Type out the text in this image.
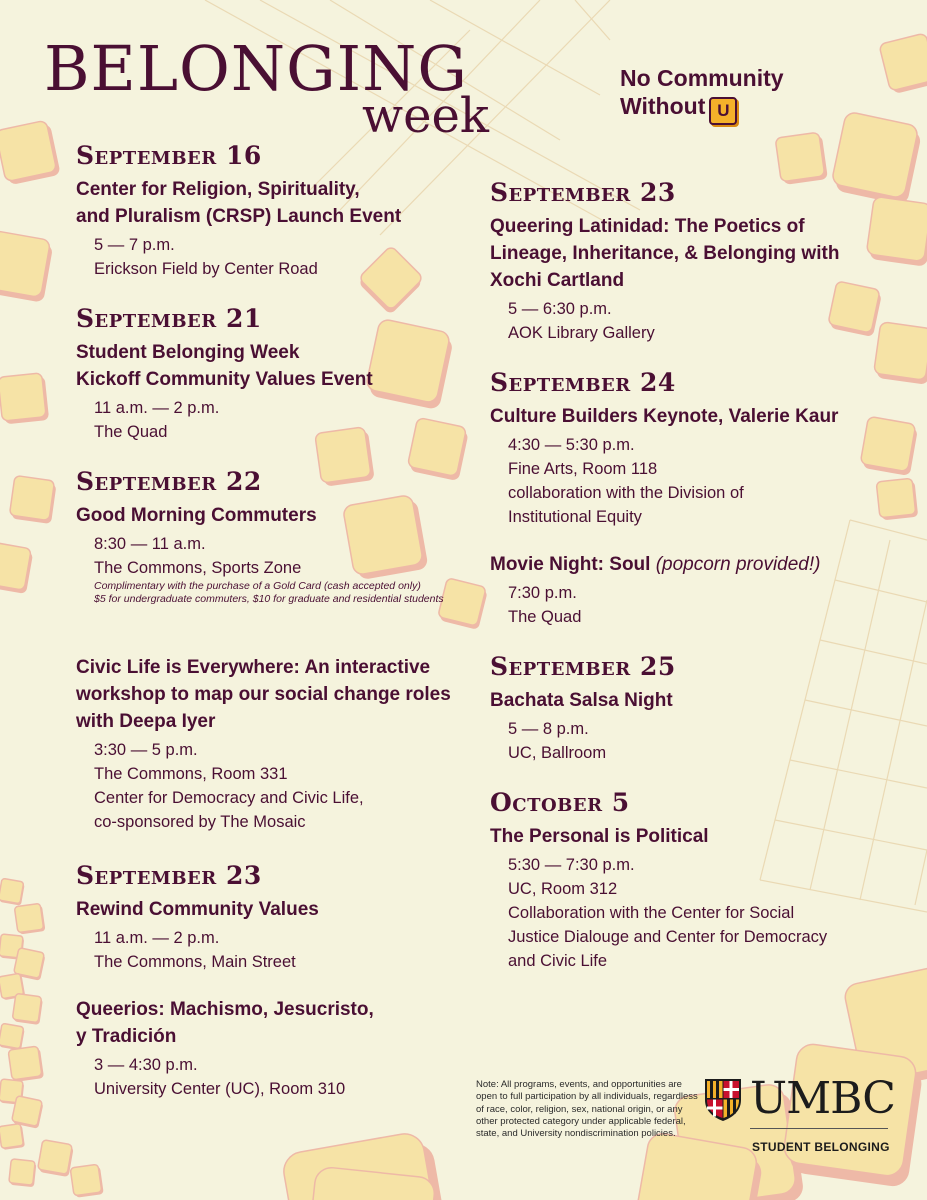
BELONGING
week
No Community
Without U
September 16
Center for Religion, Spirituality,
and Pluralism (CRSP) Launch Event
5 — 7 p.m.
Erickson Field by Center Road
September 21
Student Belonging Week
Kickoff Community Values Event
11 a.m. — 2 p.m.
The Quad
September 22
Good Morning Commuters
8:30 — 11 a.m.
The Commons, Sports Zone
Complimentary with the purchase of a Gold Card (cash accepted only)
$5 for undergraduate commuters, $10 for graduate and residential students
Civic Life is Everywhere: An interactive
workshop to map our social change roles
with Deepa Iyer
3:30 — 5 p.m.
The Commons, Room 331
Center for Democracy and Civic Life,
co-sponsored by The Mosaic
September 23
Rewind Community Values
11 a.m. — 2 p.m.
The Commons, Main Street
Queerios: Machismo, Jesucristo,
y Tradición
3 — 4:30 p.m.
University Center (UC), Room 310
September 23
Queering Latinidad: The Poetics of
Lineage, Inheritance, & Belonging with
Xochi Cartland
5 — 6:30 p.m.
AOK Library Gallery
September 24
Culture Builders Keynote, Valerie Kaur
4:30 — 5:30 p.m.
Fine Arts, Room 118
collaboration with the Division of
Institutional Equity
Movie Night: Soul (popcorn provided!)
7:30 p.m.
The Quad
September 25
Bachata Salsa Night
5 — 8 p.m.
UC, Ballroom
October 5
The Personal is Political
5:30 — 7:30 p.m.
UC, Room 312
Collaboration with the Center for Social
Justice Dialouge and Center for Democracy
and Civic Life
Note: All programs, events, and opportunities are open to full participation by all individuals, regardless of race, color, religion, sex, national origin, or any other protected category under applicable federal, state, and University nondiscrimination policies.
UMBC
STUDENT BELONGING
